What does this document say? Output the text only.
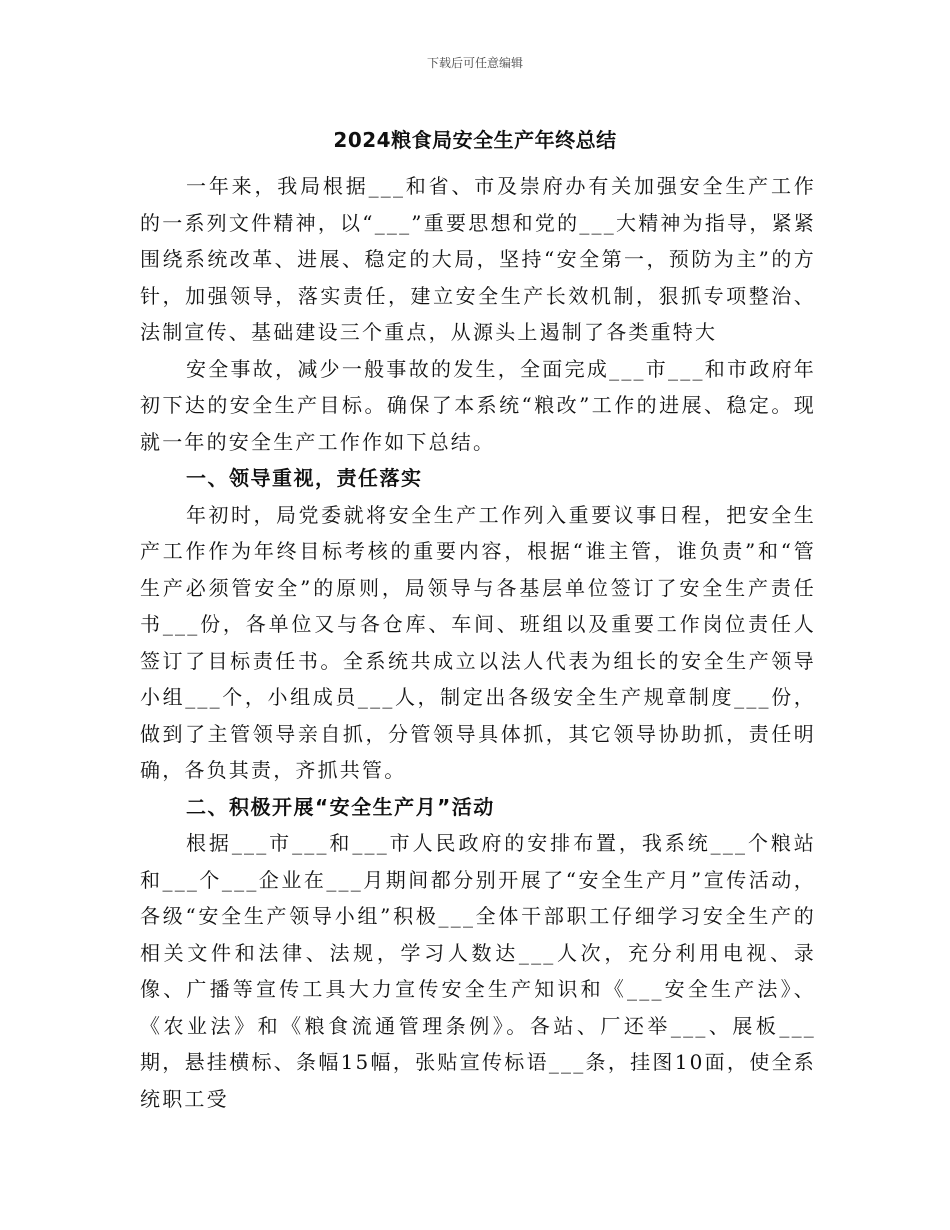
下载后可任意编辑
2024粮食局安全生产年终总结

一年来，我局根据___和省、市及崇府办有关加强安全生产工作的一系列文件精神，以“___”重要思想和党的___大精神为指导，紧紧围绕系统改革、进展、稳定的大局，坚持“安全第一，预防为主”的方针，加强领导，落实责任，建立安全生产长效机制，狠抓专项整治、法制宣传、基础建设三个重点，从源头上遏制了各类重特大

安全事故，减少一般事故的发生，全面完成___市___和市政府年初下达的安全生产目标。确保了本系统“粮改”工作的进展、稳定。现就一年的安全生产工作作如下总结。

一、领导重视，责任落实

年初时，局党委就将安全生产工作列入重要议事日程，把安全生产工作作为年终目标考核的重要内容，根据“谁主管，谁负责”和“管生产必须管安全”的原则，局领导与各基层单位签订了安全生产责任书___份，各单位又与各仓库、车间、班组以及重要工作岗位责任人签订了目标责任书。全系统共成立以法人代表为组长的安全生产领导小组___个，小组成员___人，制定出各级安全生产规章制度___份，做到了主管领导亲自抓，分管领导具体抓，其它领导协助抓，责任明确，各负其责，齐抓共管。

二、积极开展“安全生产月”活动

根据___市___和___市人民政府的安排布置，我系统___个粮站和___个___企业在___月期间都分别开展了“安全生产月”宣传活动，各级“安全生产领导小组”积极___全体干部职工仔细学习安全生产的相关文件和法律、法规，学习人数达___人次，充分利用电视、录像、广播等宣传工具大力宣传安全生产知识和《___安全生产法》、《农业法》和《粮食流通管理条例》。各站、厂还举___、展板___期，悬挂横标、条幅15幅，张贴宣传标语___条，挂图10面，使全系统职工受
